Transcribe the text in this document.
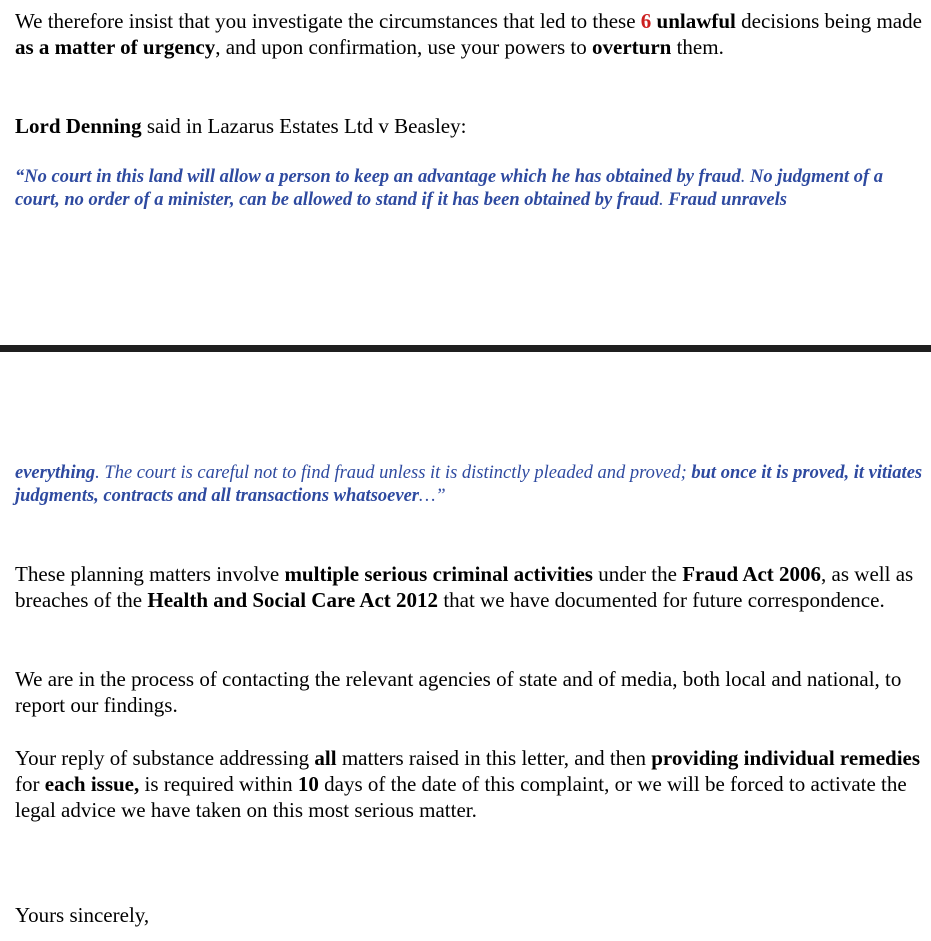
We therefore insist that you investigate the circumstances that led to these 6 unlawful decisions being made as a matter of urgency, and upon confirmation, use your powers to overturn them.

Lord Denning said in Lazarus Estates Ltd v Beasley:

“No court in this land will allow a person to keep an advantage which he has obtained by fraud. No judgment of a court, no order of a minister, can be allowed to stand if it has been obtained by fraud. Fraud unravels

everything. The court is careful not to find fraud unless it is distinctly pleaded and proved; but once it is proved, it vitiates judgments, contracts and all transactions whatsoever…”

These planning matters involve multiple serious criminal activities under the Fraud Act 2006, as well as breaches of the Health and Social Care Act 2012 that we have documented for future correspondence.

We are in the process of contacting the relevant agencies of state and of media, both local and national, to report our findings.

Your reply of substance addressing all matters raised in this letter, and then providing individual remedies for each issue, is required within 10 days of the date of this complaint, or we will be forced to activate the legal advice we have taken on this most serious matter.

Yours sincerely,
